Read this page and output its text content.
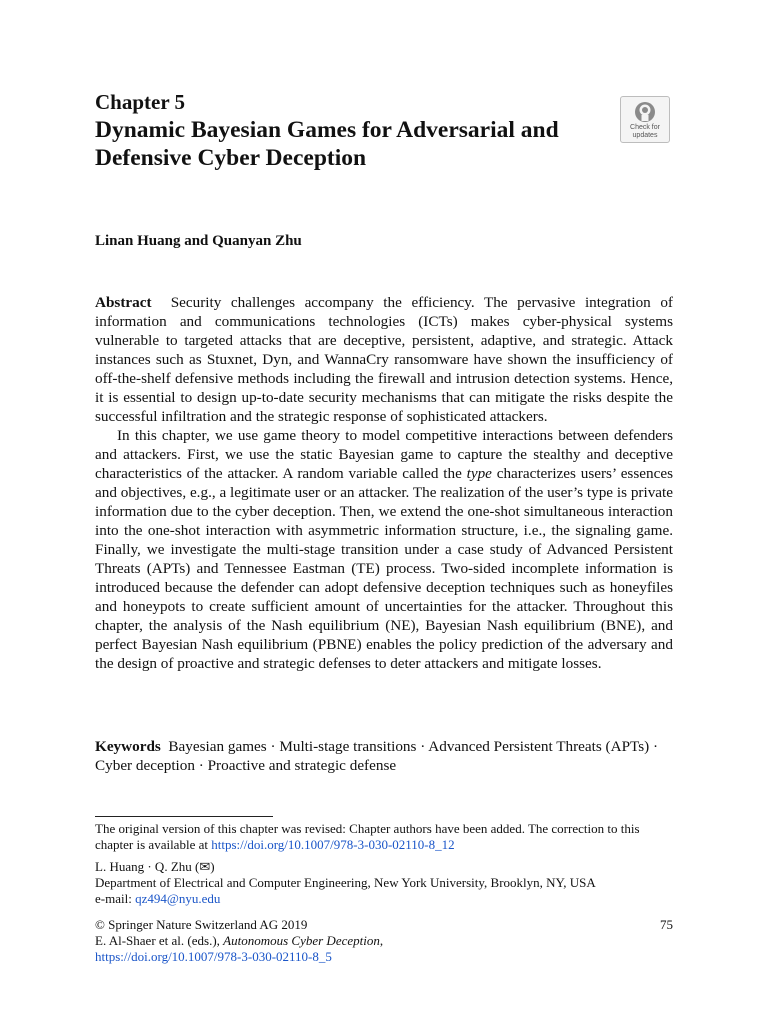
Chapter 5
Dynamic Bayesian Games for Adversarial and Defensive Cyber Deception
Check for
updates
Linan Huang and Quanyan Zhu

Abstract Security challenges accompany the efficiency. The pervasive integration of information and communications technologies (ICTs) makes cyber-physical systems vulnerable to targeted attacks that are deceptive, persistent, adaptive, and strategic. Attack instances such as Stuxnet, Dyn, and WannaCry ransomware have shown the insufficiency of off-the-shelf defensive methods including the firewall and intrusion detection systems. Hence, it is essential to design up-to-date security mechanisms that can mitigate the risks despite the successful infiltration and the strategic response of sophisticated attackers.

In this chapter, we use game theory to model competitive interactions between defenders and attackers. First, we use the static Bayesian game to capture the stealthy and deceptive characteristics of the attacker. A random variable called the type characterizes users’ essences and objectives, e.g., a legitimate user or an attacker. The realization of the user’s type is private information due to the cyber deception. Then, we extend the one-shot simultaneous interaction into the one-shot interaction with asymmetric information structure, i.e., the signaling game. Finally, we investigate the multi-stage transition under a case study of Advanced Persistent Threats (APTs) and Tennessee Eastman (TE) process. Two-sided incomplete information is introduced because the defender can adopt defensive deception techniques such as honeyfiles and honeypots to create sufficient amount of uncertainties for the attacker. Throughout this chapter, the analysis of the Nash equilibrium (NE), Bayesian Nash equilibrium (BNE), and perfect Bayesian Nash equilibrium (PBNE) enables the policy prediction of the adversary and the design of proactive and strategic defenses to deter attackers and mitigate losses.

Keywords Bayesian games · Multi-stage transitions · Advanced Persistent Threats (APTs) · Cyber deception · Proactive and strategic defense
The original version of this chapter was revised: Chapter authors have been added. The correction to this chapter is available at https://doi.org/10.1007/978-3-030-02110-8_12
L. Huang · Q. Zhu (✉)
Department of Electrical and Computer Engineering, New York University, Brooklyn, NY, USA
e-mail: qz494@nyu.edu
© Springer Nature Switzerland AG 2019
E. Al-Shaer et al. (eds.), Autonomous Cyber Deception,
https://doi.org/10.1007/978-3-030-02110-8_5
75
